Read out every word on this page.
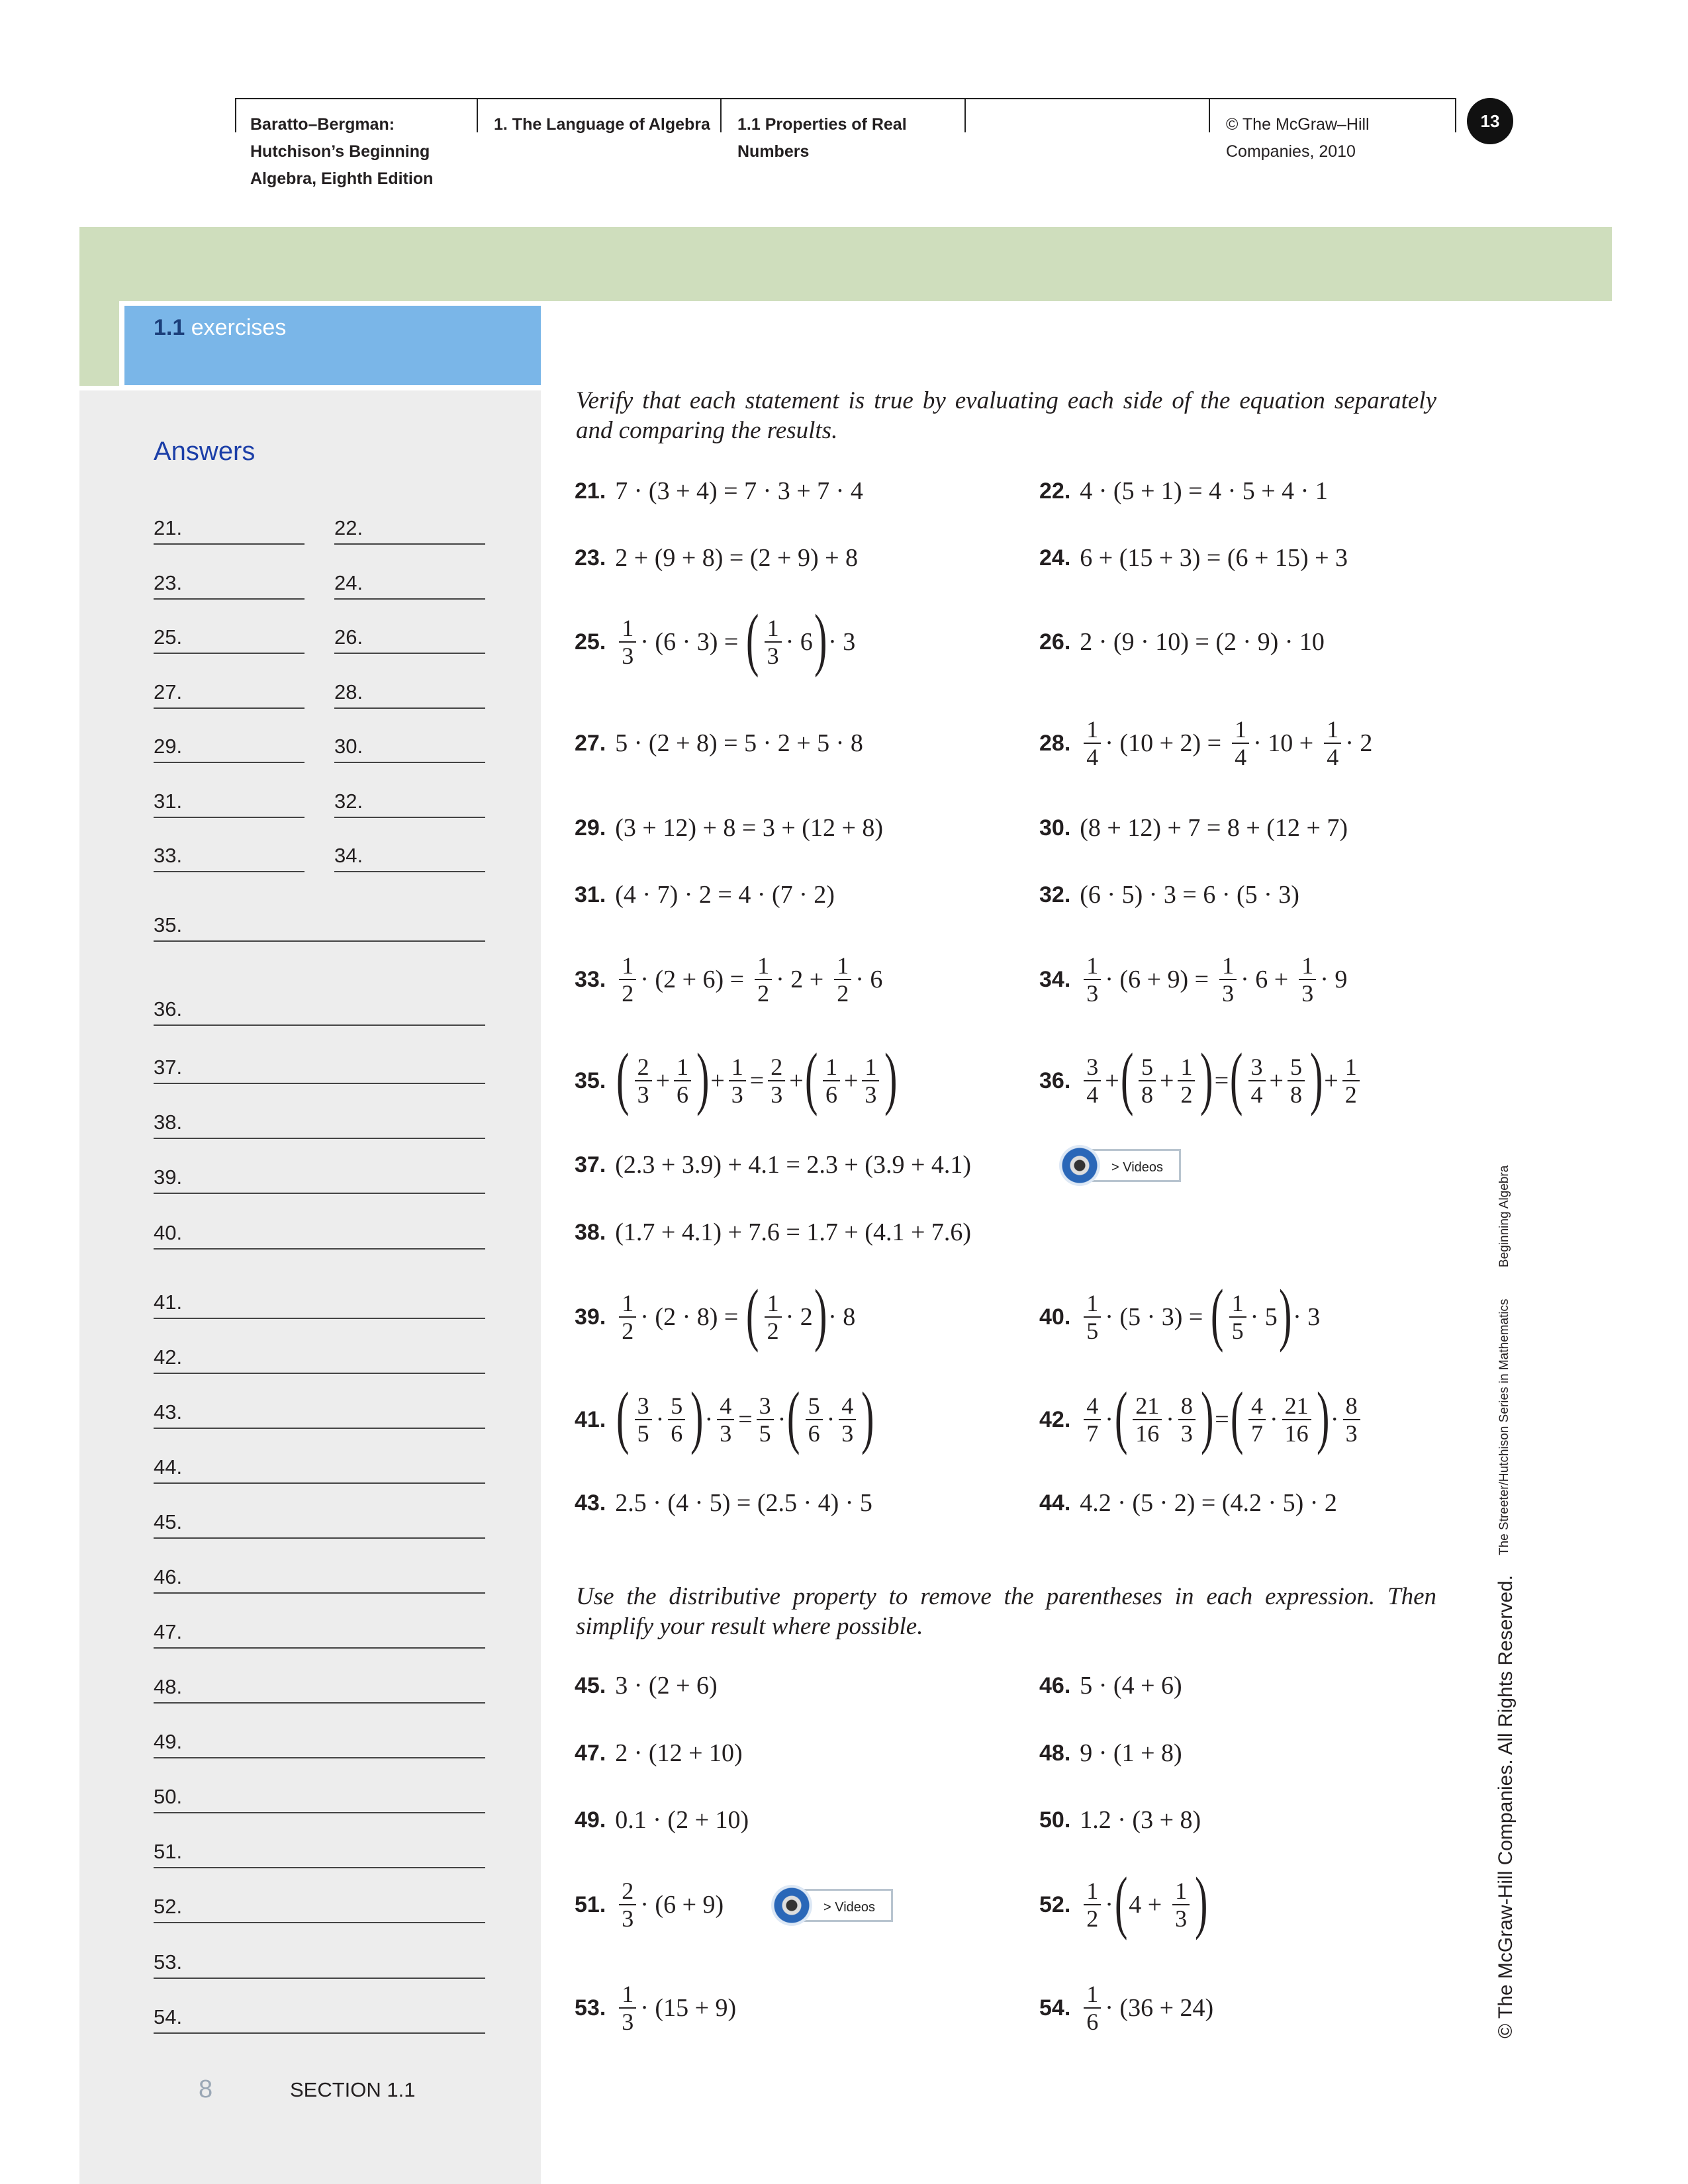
Baratto–Bergman:
Hutchison’s Beginning
Algebra, Eighth Edition
1. The Language of Algebra 1.1 Properties of Real
Numbers
© The McGraw–Hill
Companies, 2010
13
1.1 exercises
Answers
21.	22.
23.	24.
25.	26.
27.	28.
29.	30.
31.	32.
33.	34.
35.
36.
37.
38.
39.
40.
41.
42.
43.
44.
45.
46.
47.
48.
49.
50.
51.
52.
53.
54.
Verify that each statement is true by evaluating each side of the equation separately and comparing the results.
Use the distributive property to remove the parentheses in each expression. Then simplify your result where possible.
21. 7 · (3 + 4) = 7 · 3 + 7 · 4	22. 4 · (5 + 1) = 4 · 5 + 4 · 1
23. 2 + (9 + 8) = (2 + 9) + 8	24. 6 + (15 + 3) = (6 + 15) + 3
25. $\frac{1}{3} \cdot (6 \cdot 3)$ = ( $\frac{1}{3} \cdot 6$ ) · 3	26. 2 · (9 · 10) = (2 · 9) · 10
27. 5 · (2 + 8) = 5 · 2 + 5 · 8	28. $\frac{1}{4} \cdot (10 + 2) = \frac{1}{4} \cdot 10 + \frac{1}{4} \cdot 2$
29. (3 + 12) + 8 = 3 + (12 + 8)	30. (8 + 12) + 7 = 8 + (12 + 7)
31. (4 · 7) · 2 = 4 · (7 · 2)	32. (6 · 5) · 3 = 6 · (5 · 3)
33. $\frac{1}{2} \cdot (2 + 6) = \frac{1}{2} \cdot 2 + \frac{1}{2} \cdot 6$	34. $\frac{1}{3} \cdot (6 + 9) = \frac{1}{3} \cdot 6 + \frac{1}{3} \cdot 9$
35. ( $\frac{2}{3} + \frac{1}{6}$ ) + $\frac{1}{3} = \frac{2}{3}$ + ( $\frac{1}{6} + \frac{1}{3}$ )	36. $\frac{3}{4}$ + ( $\frac{5}{8} + \frac{1}{2}$ ) = ( $\frac{3}{4} + \frac{5}{8}$ ) + $\frac{1}{2}$
37. (2.3 + 3.9) + 4.1 = 2.3 + (3.9 + 4.1)	> Videos
38. (1.7 + 4.1) + 7.6 = 1.7 + (4.1 + 7.6)
39. $\frac{1}{2} \cdot (2 \cdot 8)$ = ( $\frac{1}{2} \cdot 2$ ) · 8	40. $\frac{1}{5} \cdot (5 \cdot 3)$ = ( $\frac{1}{5} \cdot 5$ ) · 3
41. ( $\frac{3}{5} \cdot \frac{5}{6}$ ) · $\frac{4}{3} = \frac{3}{5}$ · ( $\frac{5}{6} \cdot \frac{4}{3}$ )	42. $\frac{4}{7}$ · ( $\frac{21}{16} \cdot \frac{8}{3}$ ) = ( $\frac{4}{7} \cdot \frac{21}{16}$ ) · $\frac{8}{3}$
43. 2.5 · (4 · 5) = (2.5 · 4) · 5	44. 4.2 · (5 · 2) = (4.2 · 5) · 2
45. 3 · (2 + 6)	46. 5 · (4 + 6)
47. 2 · (12 + 10)	48. 9 · (1 + 8)
49. 0.1 · (2 + 10)	50. 1.2 · (3 + 8)
51. $\frac{2}{3} \cdot (6 + 9)$	> Videos	52. $\frac{1}{2}$ · ( $4 + \frac{1}{3}$ )
53. $\frac{1}{3} \cdot (15 + 9)$	54. $\frac{1}{6} \cdot (36 + 24)$
8	SECTION 1.1
Beginning Algebra
The Streeter/Hutchison Series in Mathematics
© The McGraw-Hill Companies. All Rights Reserved.
